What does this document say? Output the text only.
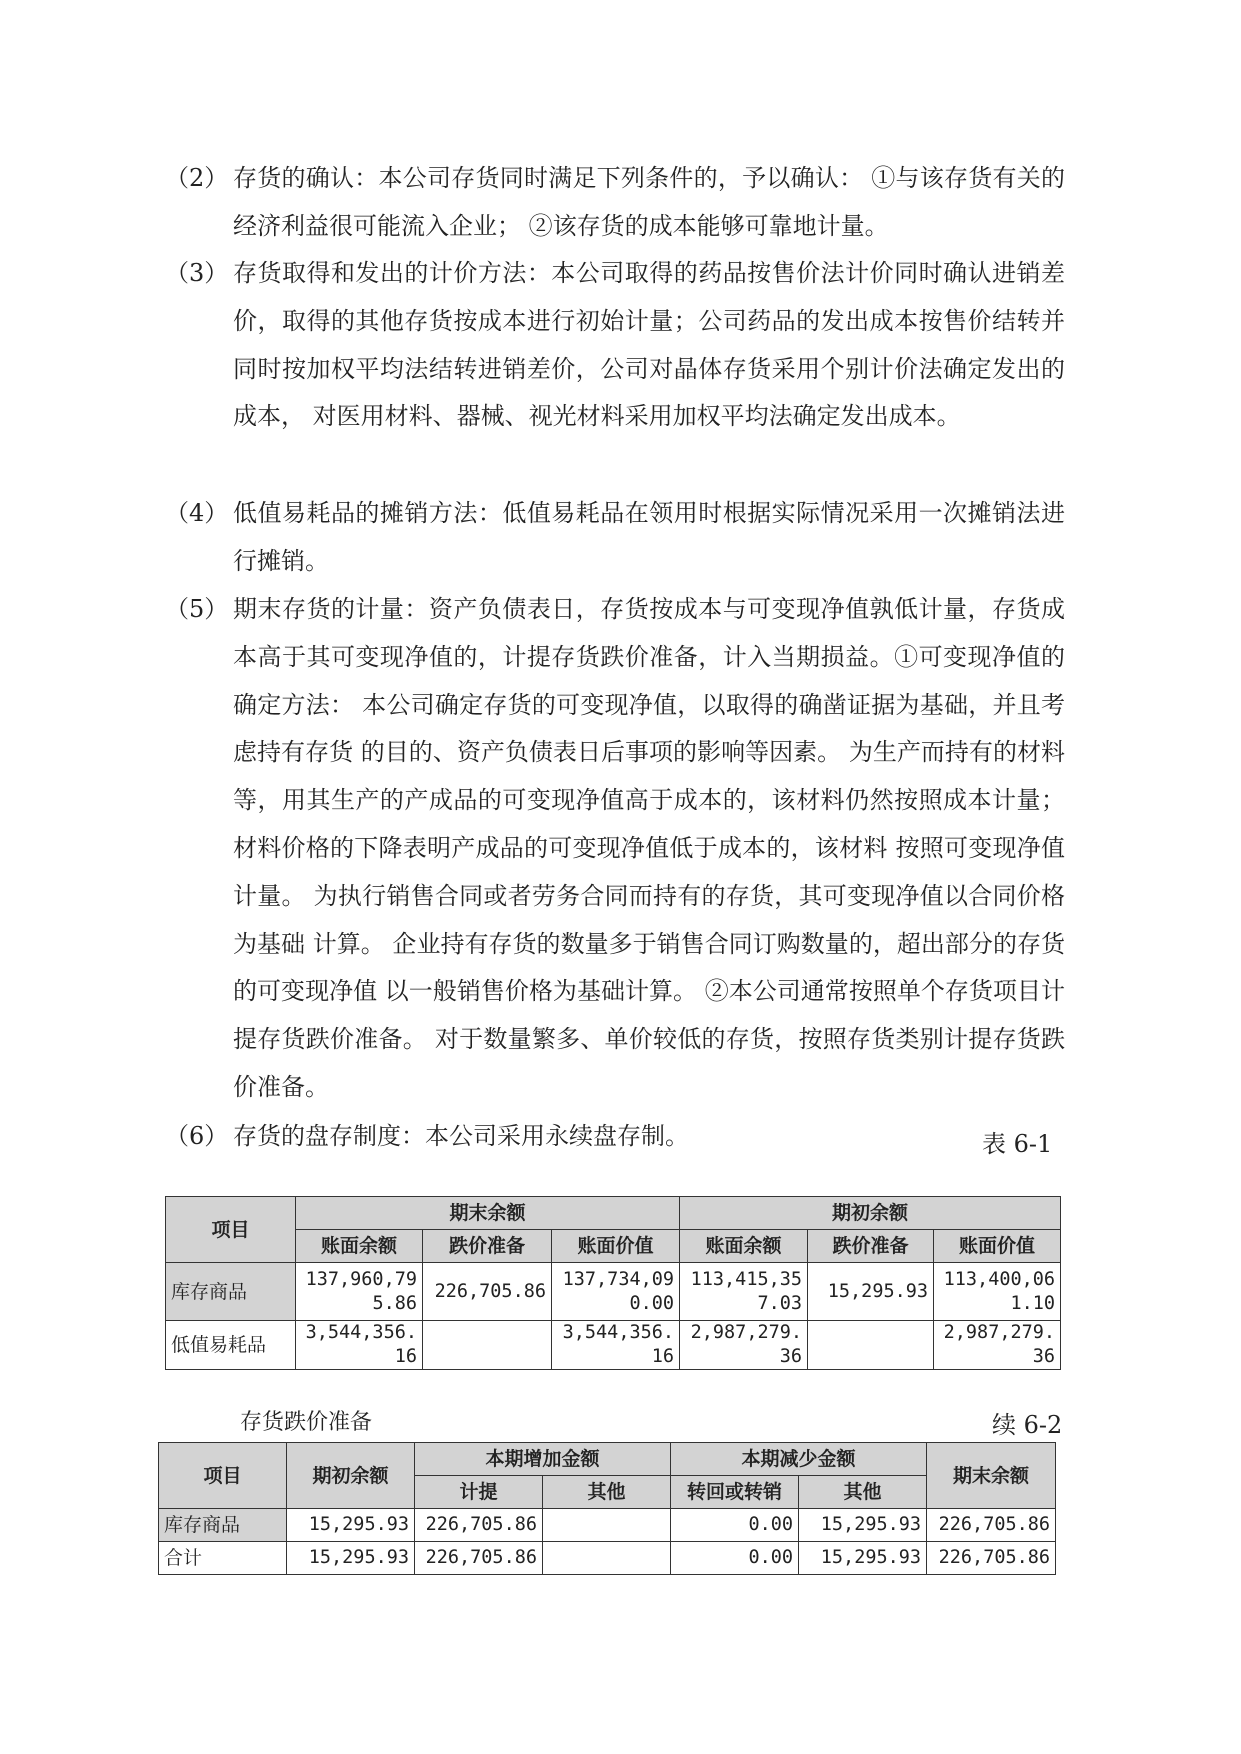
（2） 存货的确认：本公司存货同时满足下列条件的，予以确认： ①与该存货有关的经济利益很可能流入企业； ②该存货的成本能够可靠地计量。
（3） 存货取得和发出的计价方法：本公司取得的药品按售价法计价同时确认进销差价，取得的其他存货按成本进行初始计量；公司药品的发出成本按售价结转并 同时按加权平均法结转进销差价，公司对晶体存货采用个别计价法确定发出的成本， 对医用材料、器械、视光材料采用加权平均法确定发出成本。
（4） 低值易耗品的摊销方法：低值易耗品在领用时根据实际情况采用一次摊销法进行摊销。
（5） 期末存货的计量：资产负债表日，存货按成本与可变现净值孰低计量，存货成本高于其可变现净值的，计提存货跌价准备，计入当期损益。①可变现净值的确定方法： 本公司确定存货的可变现净值，以取得的确凿证据为基础，并且考虑持有存货 的目的、资产负债表日后事项的影响等因素。 为生产而持有的材料等，用其生产的产成品的可变现净值高于成本的，该材料仍然按照成本计量；材料价格的下降表明产成品的可变现净值低于成本的，该材料 按照可变现净值计量。 为执行销售合同或者劳务合同而持有的存货，其可变现净值以合同价格为基础 计算。 企业持有存货的数量多于销售合同订购数量的，超出部分的存货的可变现净值 以一般销售价格为基础计算。 ②本公司通常按照单个存货项目计提存货跌价准备。 对于数量繁多、单价较低的存货，按照存货类别计提存货跌价准备。
（6） 存货的盘存制度：本公司采用永续盘存制。	表 6-1
项目	期末余额			期初余额		
	账面余额	跌价准备	账面价值	账面余额	跌价准备	账面价值
库存商品	137,960,795.86	226,705.86	137,734,090.00	113,415,357.03	15,295.93	113,400,061.10
低值易耗品	3,544,356.16		3,544,356.16	2,987,279.36		2,987,279.36
存货跌价准备	续 6-2
项目	期初余额	本期增加金额		本期减少金额		期末余额
		计提	其他	转回或转销	其他	
库存商品	15,295.93	226,705.86		0.00	15,295.93	226,705.86
合计	15,295.93	226,705.86		0.00	15,295.93	226,705.86
